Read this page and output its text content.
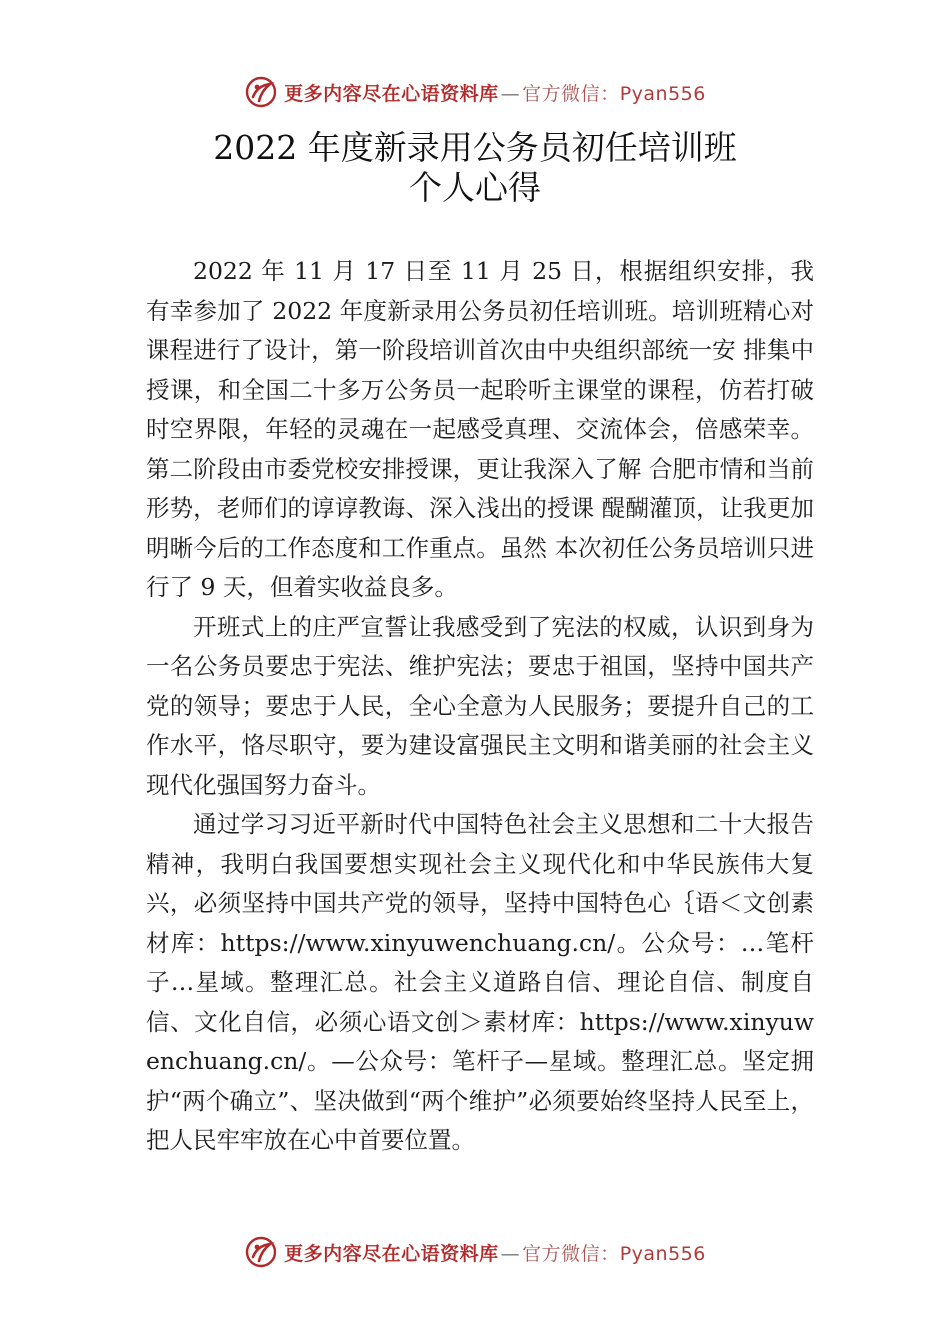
更多内容尽在心语资料库 — 官方微信：Pyan556
2022 年度新录用公务员初任培训班
个人心得

2022 年 11 月 17 日至 11 月 25 日，根据组织安排，我有幸参加了 2022 年度新录用公务员初任培训班。培训班精心对课程进行了设计，第一阶段培训首次由中央组织部统一安 排集中授课，和全国二十多万公务员一起聆听主课堂的课程，仿若打破时空界限，年轻的灵魂在一起感受真理、交流体会，倍感荣幸。第二阶段由市委党校安排授课，更让我深入了解 合肥市情和当前形势，老师们的谆谆教诲、深入浅出的授课 醍醐灌顶，让我更加明晰今后的工作态度和工作重点。虽然 本次初任公务员培训只进行了 9 天，但着实收益良多。

开班式上的庄严宣誓让我感受到了宪法的权威，认识到身为一名公务员要忠于宪法、维护宪法；要忠于祖国，坚持中国共产党的领导；要忠于人民，全心全意为人民服务；要提升自己的工作水平，恪尽职守，要为建设富强民主文明和谐美丽的社会主义现代化强国努力奋斗。

通过学习习近平新时代中国特色社会主义思想和二十大报告精神，我明白我国要想实现社会主义现代化和中华民族伟大复兴，必须坚持中国共产党的领导，坚持中国特色心｛语＜文创素材库：https://www.xinyuwenchuang.cn/。公众号：…笔杆子…星域。整理汇总。社会主义道路自信、理论自信、制度自信、文化自信，必须心语文创＞素材库：https://www.xinyuwenchuang.cn/。—公众号：笔杆子—星域。整理汇总。坚定拥护“两个确立”、坚决做到“两个维护”必须要始终坚持人民至上，把人民牢牢放在心中首要位置。

更多内容尽在心语资料库 — 官方微信：Pyan556
